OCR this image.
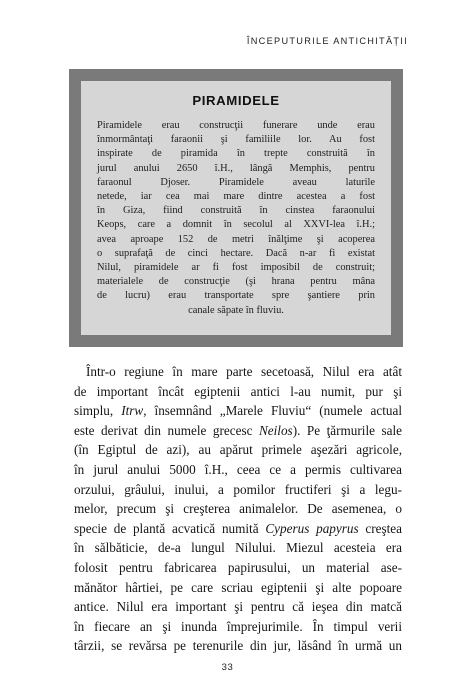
ÎNCEPUTURILE ANTICHITĂȚII
PIRAMIDELE
Piramidele erau construcţii funerare unde erau
înmormântaţi faraonii şi familiile lor. Au fost
inspirate de piramida în trepte construită în
jurul anului 2650 î.H., lângă Memphis, pentru
faraonul Djoser. Piramidele aveau laturile
netede, iar cea mai mare dintre acestea a fost
în Giza, fiind construită în cinstea faraonului
Keops, care a domnit în secolul al XXVI-lea î.H.;
avea aproape 152 de metri înălţime şi acoperea
o suprafaţă de cinci hectare. Dacă n-ar fi existat
Nilul, piramidele ar fi fost imposibil de construit;
materialele de construcţie (şi hrana pentru mâna
de lucru) erau transportate spre şantiere prin
canale săpate în fluviu.
Într-o regiune în mare parte secetoasă, Nilul era atât
de important încât egiptenii antici l-au numit, pur şi
simplu, Itrw, însemnând „Marele Fluviu“ (numele actual
este derivat din numele grecesc Neilos). Pe ţărmurile sale
(în Egiptul de azi), au apărut primele aşezări agricole,
în jurul anului 5000 î.H., ceea ce a permis cultivarea
orzului, grâului, inului, a pomilor fructiferi şi a legu-
melor, precum şi creşterea animalelor. De asemenea, o
specie de plantă acvatică numită Cyperus papyrus creştea
în sălbăticie, de-a lungul Nilului. Miezul acesteia era
folosit pentru fabricarea papirusului, un material ase-
mănător hârtiei, pe care scriau egiptenii şi alte popoare
antice. Nilul era important şi pentru că ieşea din matcă
în fiecare an şi inunda împrejurimile. În timpul verii
târzii, se revărsa pe terenurile din jur, lăsând în urmă un
33
